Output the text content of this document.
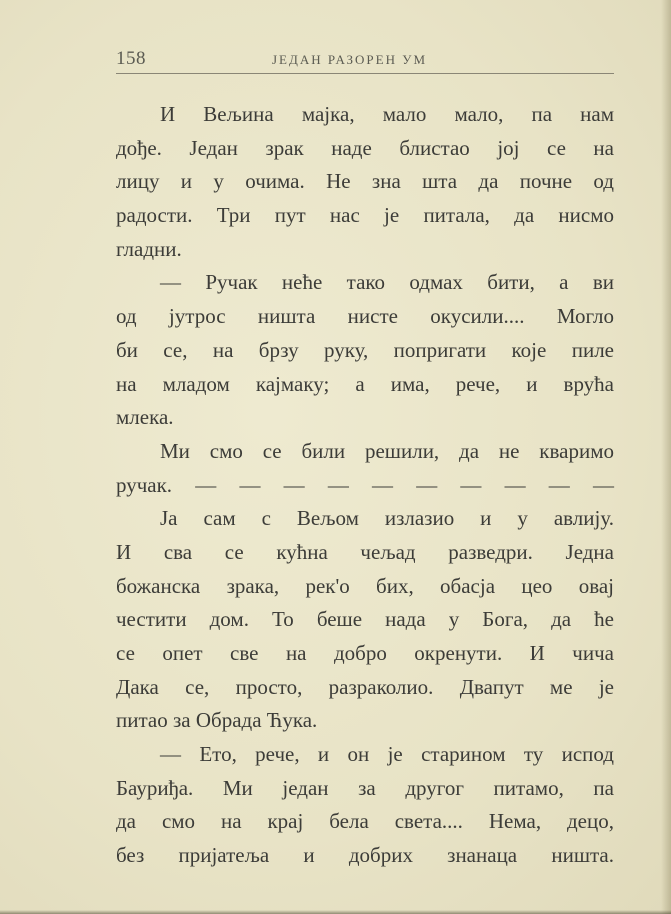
158	ЈЕДАН РАЗОРЕН УМ
И Вељина мајка, мало мало, па нам
дође. Један зрак наде блистао јој се на
лицу и у очима. Не зна шта да почне од
радости. Три пут нас је питала, да нисмо
гладни.
— Ручак неће тако одмах бити, а ви
од јутрос ништа нисте окусили.... Могло
би се, на брзу руку, попригати које пиле
на младом кајмаку; а има, рече, и врућа
млека.
Ми смо се били решили, да не кваримо
ручак. — — — — — — — — — —
Ја сам с Вељом излазио и у авлију.
И сва се кућна чељад разведри. Једна
божанска зрака, рек'о бих, обасја цео овај
честити дом. То беше нада у Бога, да ће
се опет све на добро окренути. И чича
Дака се, просто, разраколио. Двапут ме је
питао за Обрада Ћука.
— Ето, рече, и он је старином ту испод
Бауриђа. Ми један за другог питамо, па
да смо на крај бела света.... Нема, децо,
без пријатеља и добрих знанаца ништа.
